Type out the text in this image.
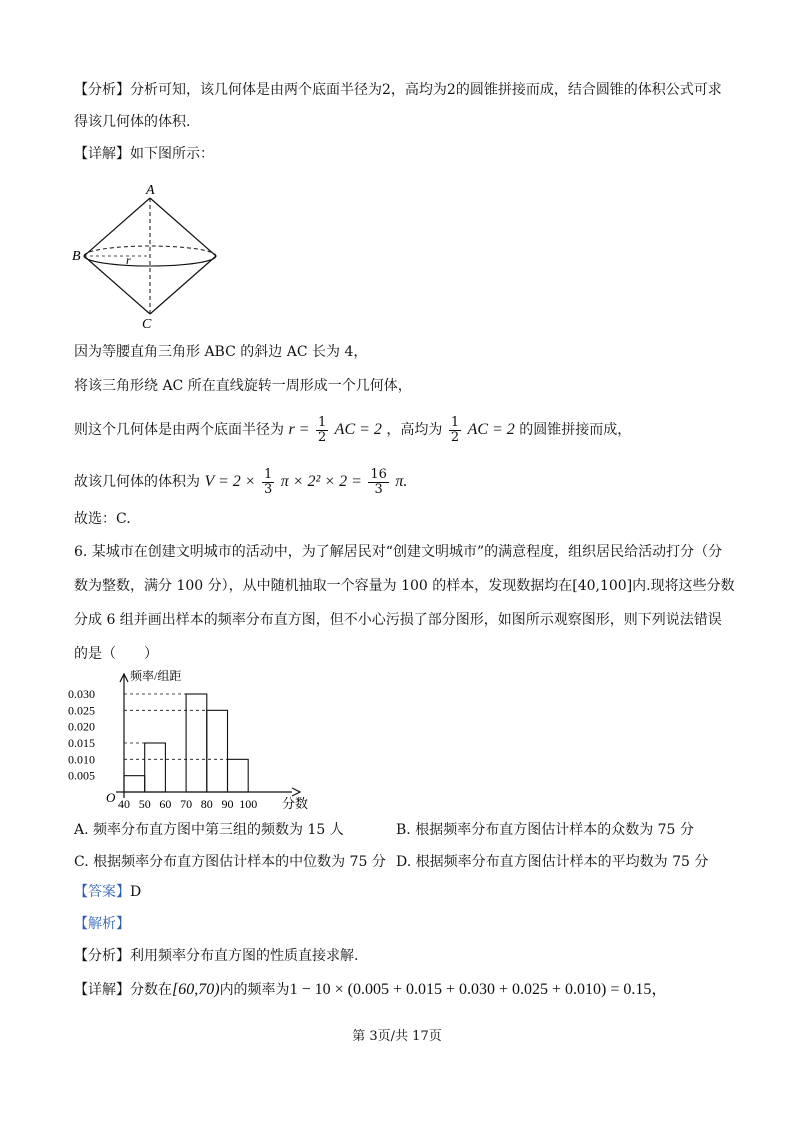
【分析】分析可知，该几何体是由两个底面半径为2，高均为2的圆锥拼接而成，结合圆锥的体积公式可求
得该几何体的体积.
【详解】如下图所示：
A
B
C
r
因为等腰直角三角形 ABC 的斜边 AC 长为 4，
将该三角形绕 AC 所在直线旋转一周形成一个几何体，
则这个几何体是由两个底面半径为 $r = \frac{1}{2}$ AC = 2 ，高均为 $\frac{1}{2}$ AC = 2 的圆锥拼接而成，
故该几何体的体积为 $V = 2 \times \frac{1}{3}$ $\pi \times 2^2 \times 2 = \frac{16}{3} \pi$.
故选：C.
6. 某城市在创建文明城市的活动中，为了解居民对“创建文明城市”的满意程度，组织居民给活动打分（分
数为整数，满分 100 分），从中随机抽取一个容量为 100 的样本，发现数据均在[40,100]内.现将这些分数
分成 6 组并画出样本的频率分布直方图，但不小心污损了部分图形，如图所示观察图形，则下列说法错误
的是（　　）
频率/组距
分数
O
0.030
0.025
0.020
0.015
0.010
0.005
40 50 60 70 80 90 100
A. 频率分布直方图中第三组的频数为 15 人	B. 根据频率分布直方图估计样本的众数为 75 分
C. 根据频率分布直方图估计样本的中位数为 75 分 D. 根据频率分布直方图估计样本的平均数为 75 分
【答案】D
【解析】
【分析】利用频率分布直方图的性质直接求解.
【详解】分数在[60,70)内的频率为1 − 10 × (0.005 + 0.015 + 0.030 + 0.025 + 0.010) = 0.15，
第 3页/共 17页
